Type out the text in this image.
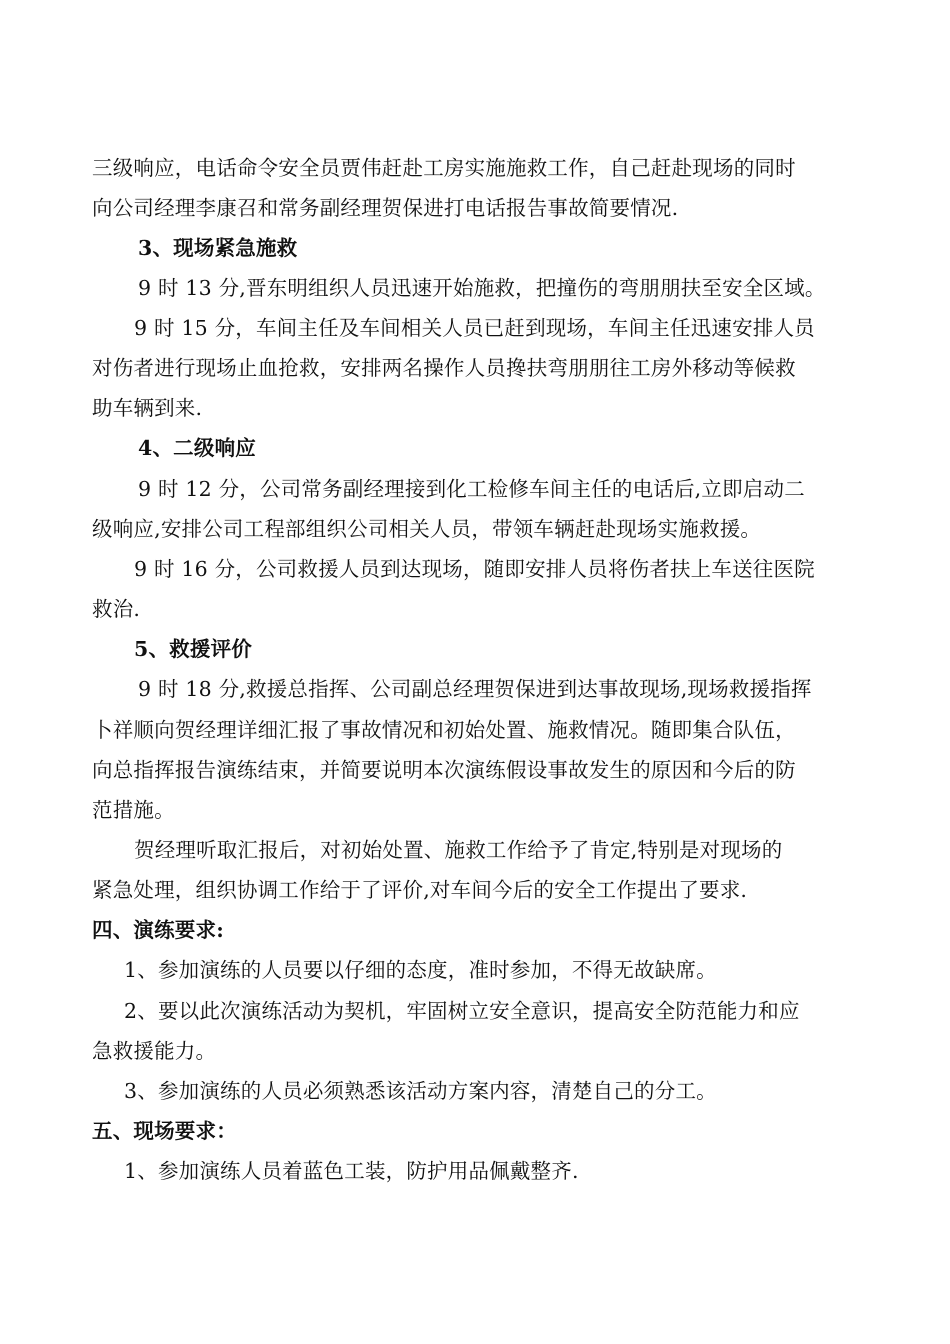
三级响应，电话命令安全员贾伟赶赴工房实施施救工作，自己赶赴现场的同时
向公司经理李康召和常务副经理贺保进打电话报告事故简要情况.
3、现场紧急施救
9 时 13 分,晋东明组织人员迅速开始施救，把撞伤的弯朋朋扶至安全区域。
9 时 15 分，车间主任及车间相关人员已赶到现场，车间主任迅速安排人员
对伤者进行现场止血抢救，安排两名操作人员搀扶弯朋朋往工房外移动等候救
助车辆到来.
4、二级响应
9 时 12 分，公司常务副经理接到化工检修车间主任的电话后,立即启动二
级响应,安排公司工程部组织公司相关人员，带领车辆赶赴现场实施救援。
9 时 16 分，公司救援人员到达现场，随即安排人员将伤者扶上车送往医院
救治.
5、救援评价
9 时 18 分,救援总指挥、公司副总经理贺保进到达事故现场,现场救援指挥
卜祥顺向贺经理详细汇报了事故情况和初始处置、施救情况。随即集合队伍，
向总指挥报告演练结束，并简要说明本次演练假设事故发生的原因和今后的防
范措施。
贺经理听取汇报后，对初始处置、施救工作给予了肯定,特别是对现场的
紧急处理，组织协调工作给于了评价,对车间今后的安全工作提出了要求.
四、演练要求:
1、参加演练的人员要以仔细的态度，准时参加，不得无故缺席。
2、要以此次演练活动为契机，牢固树立安全意识，提高安全防范能力和应
急救援能力。
3、参加演练的人员必须熟悉该活动方案内容，清楚自己的分工。
五、现场要求：
1、参加演练人员着蓝色工装，防护用品佩戴整齐.
